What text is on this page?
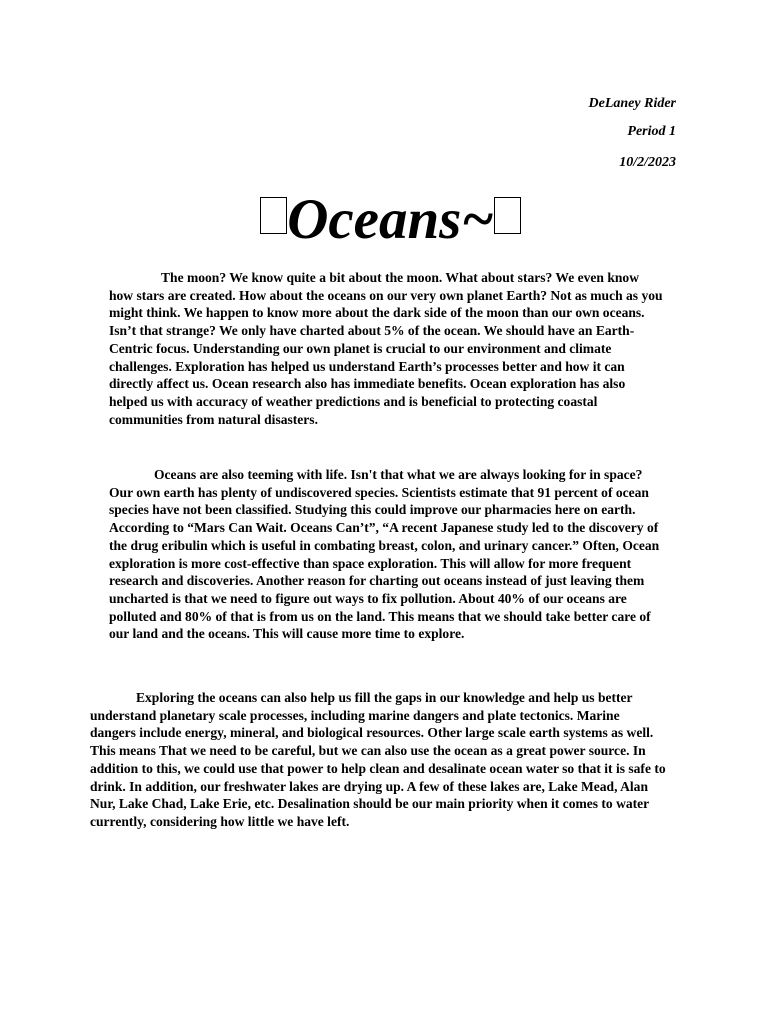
DeLaney Rider
Period 1
10/2/2023
Oceans~
The moon? We know quite a bit about the moon. What about stars? We even know
how stars are created. How about the oceans on our very own planet Earth? Not as much as you
might think. We happen to know more about the dark side of the moon than our own oceans.
Isn’t that strange? We only have charted about 5% of the ocean. We should have an Earth-
Centric focus. Understanding our own planet is crucial to our environment and climate
challenges. Exploration has helped us understand Earth’s processes better and how it can
directly affect us. Ocean research also has immediate benefits. Ocean exploration has also
helped us with accuracy of weather predictions and is beneficial to protecting coastal
communities from natural disasters.
Oceans are also teeming with life. Isn't that what we are always looking for in space?
Our own earth has plenty of undiscovered species. Scientists estimate that 91 percent of ocean
species have not been classified. Studying this could improve our pharmacies here on earth.
According to “Mars Can Wait. Oceans Can’t”, “A recent Japanese study led to the discovery of
the drug eribulin which is useful in combating breast, colon, and urinary cancer.” Often, Ocean
exploration is more cost-effective than space exploration. This will allow for more frequent
research and discoveries. Another reason for charting out oceans instead of just leaving them
uncharted is that we need to figure out ways to fix pollution. About 40% of our oceans are
polluted and 80% of that is from us on the land. This means that we should take better care of
our land and the oceans. This will cause more time to explore.
Exploring the oceans can also help us fill the gaps in our knowledge and help us better
understand planetary scale processes, including marine dangers and plate tectonics. Marine
dangers include energy, mineral, and biological resources. Other large scale earth systems as well.
This means That we need to be careful, but we can also use the ocean as a great power source. In
addition to this, we could use that power to help clean and desalinate ocean water so that it is safe to
drink. In addition, our freshwater lakes are drying up. A few of these lakes are, Lake Mead, Alan
Nur, Lake Chad, Lake Erie, etc. Desalination should be our main priority when it comes to water
currently, considering how little we have left.
